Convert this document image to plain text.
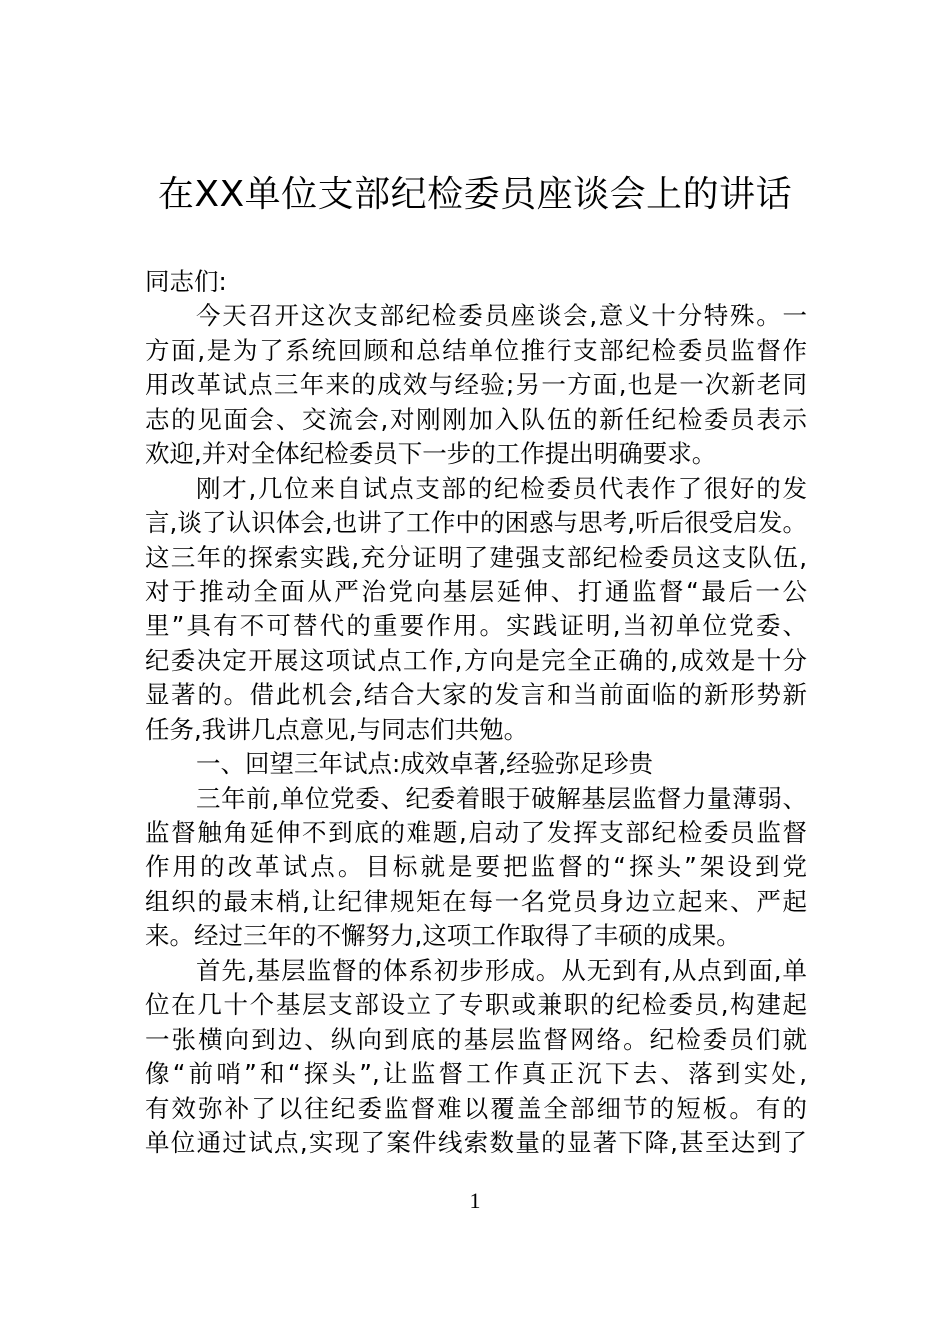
在XX单位支部纪检委员座谈会上的讲话
同志们:
今天召开这次支部纪检委员座谈会,意义十分特殊。一
方面,是为了系统回顾和总结单位推行支部纪检委员监督作
用改革试点三年来的成效与经验;另一方面,也是一次新老同
志的见面会、交流会,对刚刚加入队伍的新任纪检委员表示
欢迎,并对全体纪检委员下一步的工作提出明确要求。
刚才,几位来自试点支部的纪检委员代表作了很好的发
言,谈了认识体会,也讲了工作中的困惑与思考,听后很受启发。
这三年的探索实践,充分证明了建强支部纪检委员这支队伍,
对于推动全面从严治党向基层延伸、打通监督“最后一公
里”具有不可替代的重要作用。实践证明,当初单位党委、
纪委决定开展这项试点工作,方向是完全正确的,成效是十分
显著的。借此机会,结合大家的发言和当前面临的新形势新
任务,我讲几点意见,与同志们共勉。
一、回望三年试点:成效卓著,经验弥足珍贵
三年前,单位党委、纪委着眼于破解基层监督力量薄弱、
监督触角延伸不到底的难题,启动了发挥支部纪检委员监督
作用的改革试点。目标就是要把监督的“探头”架设到党
组织的最末梢,让纪律规矩在每一名党员身边立起来、严起
来。经过三年的不懈努力,这项工作取得了丰硕的成果。
首先,基层监督的体系初步形成。从无到有,从点到面,单
位在几十个基层支部设立了专职或兼职的纪检委员,构建起
一张横向到边、纵向到底的基层监督网络。纪检委员们就
像“前哨”和“探头”,让监督工作真正沉下去、落到实处,
有效弥补了以往纪委监督难以覆盖全部细节的短板。有的
单位通过试点,实现了案件线索数量的显著下降,甚至达到了
1
